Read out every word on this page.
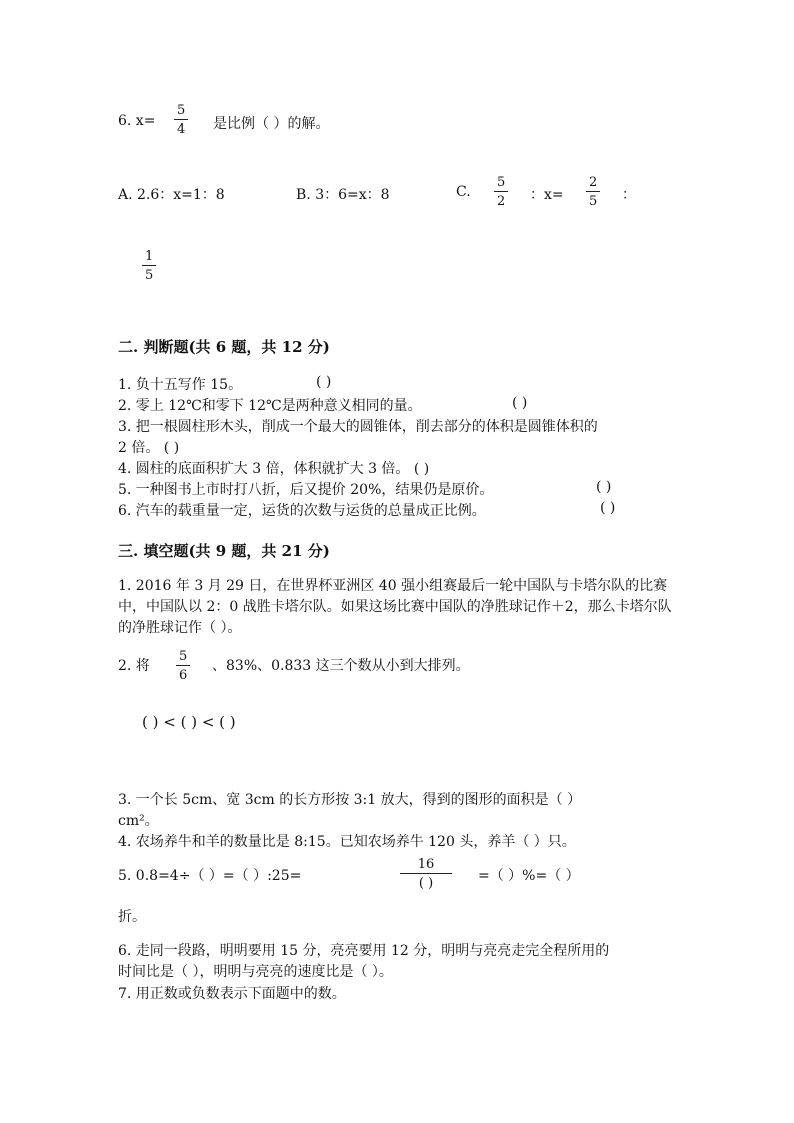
6. x=
5
4 是比例（ ）的解。
A. 2.6：x=1：8	B. 3：6=x：8	C.
5
2 ：x=
2
5 ：
1
5
二. 判断题(共 6 题，共 12 分)
1. 负十五写作 15。	( )
2. 零上 12℃和零下 12℃是两种意义相同的量。	( )
3. 把一根圆柱形木头，削成一个最大的圆锥体，削去部分的体积是圆锥体积的
2 倍。 ( )
4. 圆柱的底面积扩大 3 倍，体积就扩大 3 倍。 ( )
5. 一种图书上市时打八折，后又提价 20%，结果仍是原价。	( )
6. 汽车的载重量一定，运货的次数与运货的总量成正比例。	( )
三. 填空题(共 9 题，共 21 分)
1. 2016 年 3 月 29 日，在世界杯亚洲区 40 强小组赛最后一轮中国队与卡塔尔队的比赛中，中国队以 2：0 战胜卡塔尔队。如果这场比赛中国队的净胜球记作＋2，那么卡塔尔队的净胜球记作（ ）。
2. 将
5
6
、83%、0.833 这三个数从小到大排列。
( ) < ( ) < ( )
3. 一个长 5cm、宽 3cm 的长方形按 3:1 放大，得到的图形的面积是（ ）
cm²。
4. 农场养牛和羊的数量比是 8:15。已知农场养牛 120 头，养羊（ ）只。
5. 0.8=4÷（ ）=（ ）:25=
16
( )	=（ ）%=（ ）
折。
6. 走同一段路，明明要用 15 分，亮亮要用 12 分，明明与亮亮走完全程所用的
时间比是（ ），明明与亮亮的速度比是（ ）。
7. 用正数或负数表示下面题中的数。
